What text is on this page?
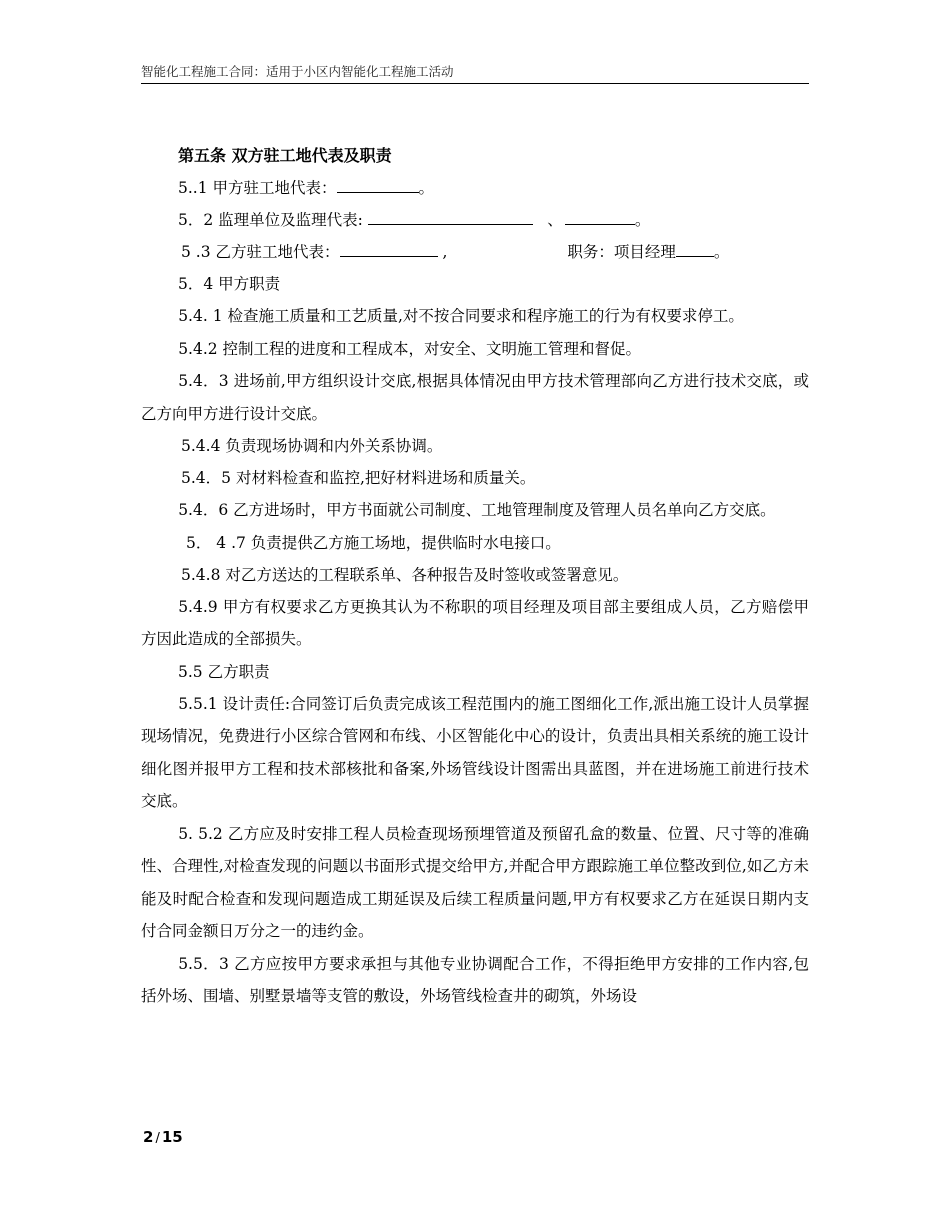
智能化工程施工合同：适用于小区内智能化工程施工活动
第五条 双方驻工地代表及职责
5..1 甲方驻工地代表：	。
5．2 监理单位及监理代表:	、	。
5 .3 乙方驻工地代表：	,	职务：项目经理 。
5．4 甲方职责

5.4. 1 检查施工质量和工艺质量,对不按合同要求和程序施工的行为有权要求停工。

5.4.2 控制工程的进度和工程成本，对安全、文明施工管理和督促。

5.4．3 进场前,甲方组织设计交底,根据具体情况由甲方技术管理部向乙方进行技术交底，或乙方向甲方进行设计交底。

5.4.4 负责现场协调和内外关系协调。
5.4．5 对材料检查和监控,把好材料进场和质量关。

5.4．6 乙方进场时，甲方书面就公司制度、工地管理制度及管理人员名单向乙方交底。

5． 4 .7 负责提供乙方施工场地，提供临时水电接口。
5.4.8 对乙方送达的工程联系单、各种报告及时签收或签署意见。

5.4.9 甲方有权要求乙方更换其认为不称职的项目经理及项目部主要组成人员，乙方赔偿甲方因此造成的全部损失。

5.5 乙方职责

5.5.1 设计责任:合同签订后负责完成该工程范围内的施工图细化工作,派出施工设计人员掌握现场情况，免费进行小区综合管网和布线、小区智能化中心的设计，负责出具相关系统的施工设计细化图并报甲方工程和技术部核批和备案,外场管线设计图需出具蓝图，并在进场施工前进行技术交底。

5. 5.2 乙方应及时安排工程人员检查现场预埋管道及预留孔盒的数量、位置、尺寸等的准确性、合理性,对检查发现的问题以书面形式提交给甲方,并配合甲方跟踪施工单位整改到位,如乙方未能及时配合检查和发现问题造成工期延误及后续工程质量问题,甲方有权要求乙方在延误日期内支付合同金额日万分之一的违约金。

5.5．3 乙方应按甲方要求承担与其他专业协调配合工作，不得拒绝甲方安排的工作内容,包括外场、围墙、别墅景墙等支管的敷设，外场管线检查井的砌筑，外场设

2 / 15
